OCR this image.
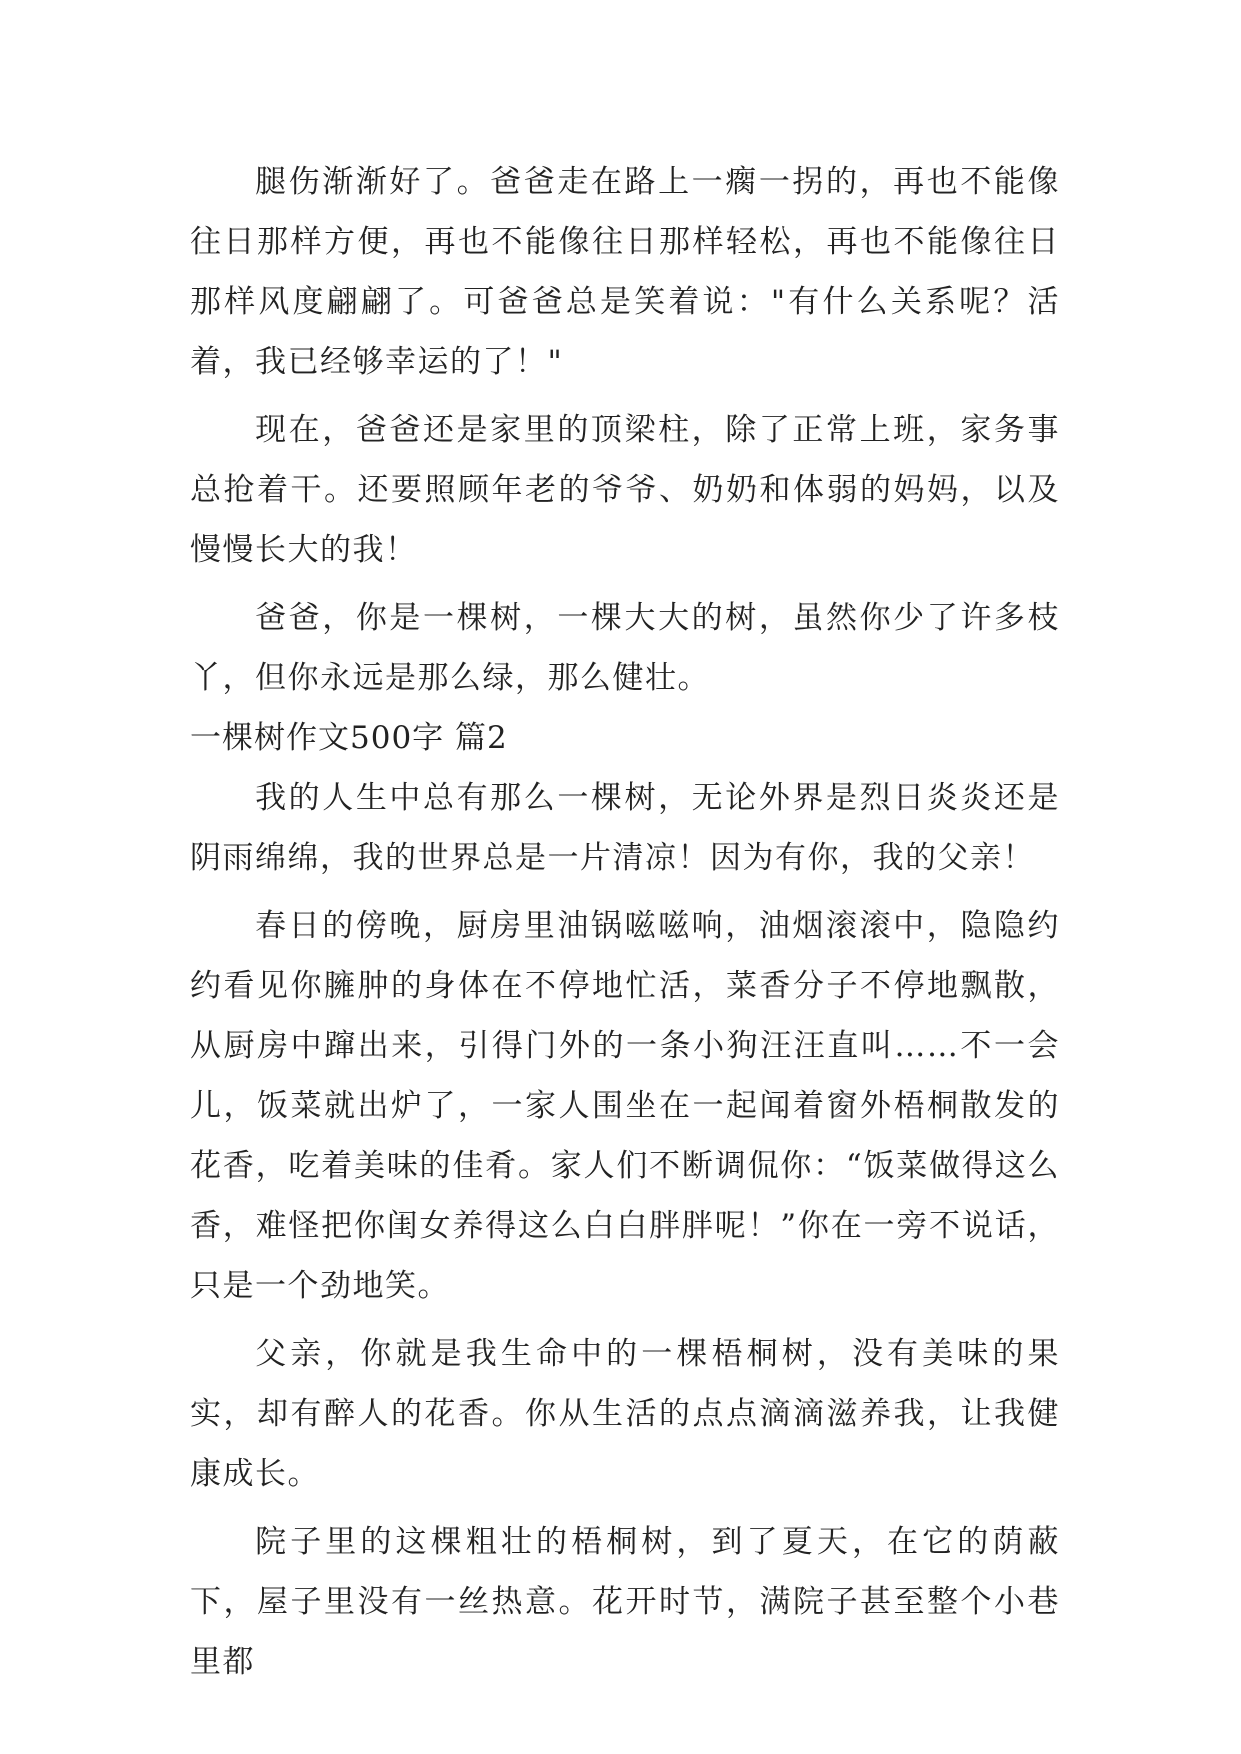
腿伤渐渐好了。爸爸走在路上一瘸一拐的，再也不能像往日那样方便，再也不能像往日那样轻松，再也不能像往日那样风度翩翩了。可爸爸总是笑着说："有什么关系呢？活着，我已经够幸运的了！"

现在，爸爸还是家里的顶梁柱，除了正常上班，家务事总抢着干。还要照顾年老的爷爷、奶奶和体弱的妈妈，以及慢慢长大的我！

爸爸，你是一棵树，一棵大大的树，虽然你少了许多枝丫，但你永远是那么绿，那么健壮。

一棵树作文500字 篇2

我的人生中总有那么一棵树，无论外界是烈日炎炎还是阴雨绵绵，我的世界总是一片清凉！因为有你，我的父亲！

春日的傍晚，厨房里油锅嗞嗞响，油烟滚滚中，隐隐约约看见你臃肿的身体在不停地忙活，菜香分子不停地飘散，从厨房中蹿出来，引得门外的一条小狗汪汪直叫……不一会儿，饭菜就出炉了，一家人围坐在一起闻着窗外梧桐散发的花香，吃着美味的佳肴。家人们不断调侃你：“饭菜做得这么香，难怪把你闺女养得这么白白胖胖呢！”你在一旁不说话，只是一个劲地笑。

父亲，你就是我生命中的一棵梧桐树，没有美味的果实，却有醉人的花香。你从生活的点点滴滴滋养我，让我健康成长。

院子里的这棵粗壮的梧桐树，到了夏天，在它的荫蔽下，屋子里没有一丝热意。花开时节，满院子甚至整个小巷里都
